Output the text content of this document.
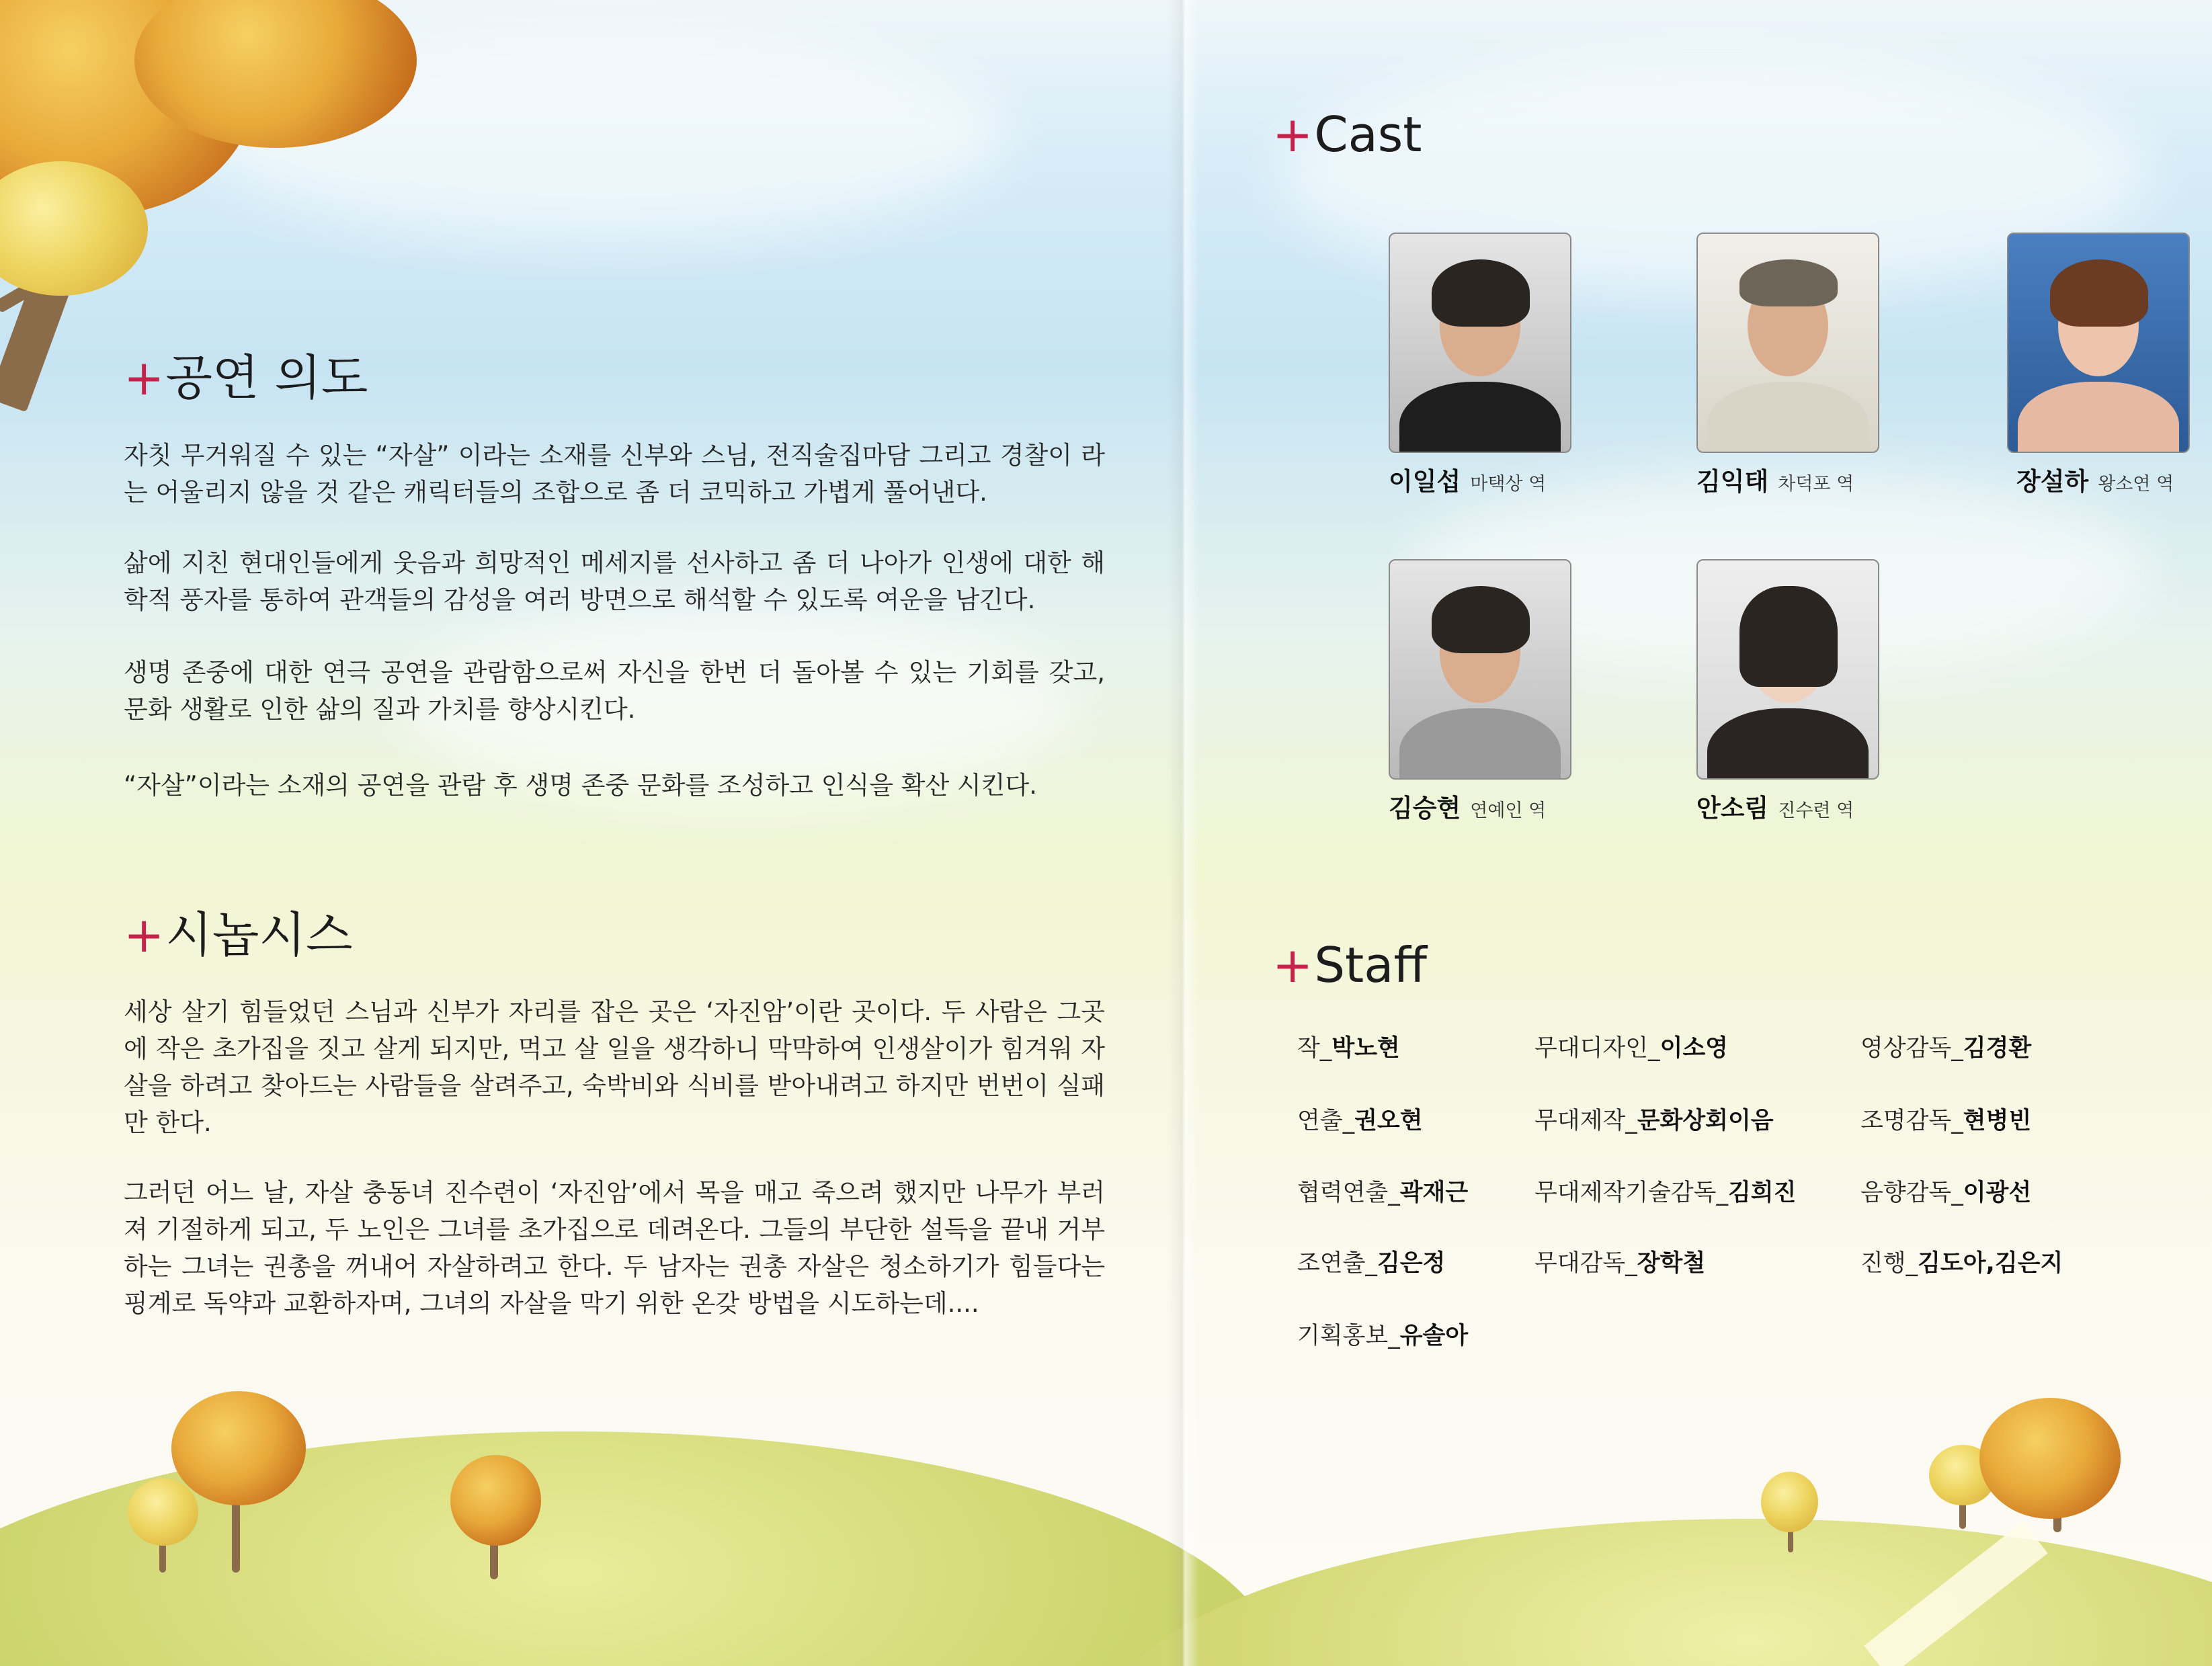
+공연 의도

자칫 무거워질 수 있는 “자살” 이라는 소재를 신부와 스님, 전직술집마담 그리고 경찰이 라는 어울리지 않을 것 같은 캐릭터들의 조합으로 좀 더 코믹하고 가볍게 풀어낸다.

삶에 지친 현대인들에게 웃음과 희망적인 메세지를 선사하고 좀 더 나아가 인생에 대한 해학적 풍자를 통하여 관객들의 감성을 여러 방면으로 해석할 수 있도록 여운을 남긴다.

생명 존중에 대한 연극 공연을 관람함으로써 자신을 한번 더 돌아볼 수 있는 기회를 갖고, 문화 생활로 인한 삶의 질과 가치를 향상시킨다.

“자살”이라는 소재의 공연을 관람 후 생명 존중 문화를 조성하고 인식을 확산 시킨다.

+시놉시스

세상 살기 힘들었던 스님과 신부가 자리를 잡은 곳은 ‘자진암’이란 곳이다. 두 사람은 그곳에 작은 초가집을 짓고 살게 되지만, 먹고 살 일을 생각하니 막막하여 인생살이가 힘겨워 자살을 하려고 찾아드는 사람들을 살려주고, 숙박비와 식비를 받아내려고 하지만 번번이 실패만 한다.

그러던 어느 날, 자살 충동녀 진수련이 ‘자진암’에서 목을 매고 죽으려 했지만 나무가 부러져 기절하게 되고, 두 노인은 그녀를 초가집으로 데려온다. 그들의 부단한 설득을 끝내 거부하는 그녀는 권총을 꺼내어 자살하려고 한다. 두 남자는 권총 자살은 청소하기가 힘들다는 핑계로 독약과 교환하자며, 그녀의 자살을 막기 위한 온갖 방법을 시도하는데....

+Cast
이일섭 마택상 역	김익태 차덕포 역	장설하 왕소연 역
김승현 연예인 역	안소림 진수련 역
+Staff
작_박노현	무대디자인_이소영	영상감독_김경환
연출_권오현	무대제작_문화상회이음	조명감독_현병빈
협력연출_곽재근	무대제작기술감독_김희진	음향감독_이광선
조연출_김은정	무대감독_장학철	진행_김도아,김은지
기획홍보_유솔아
